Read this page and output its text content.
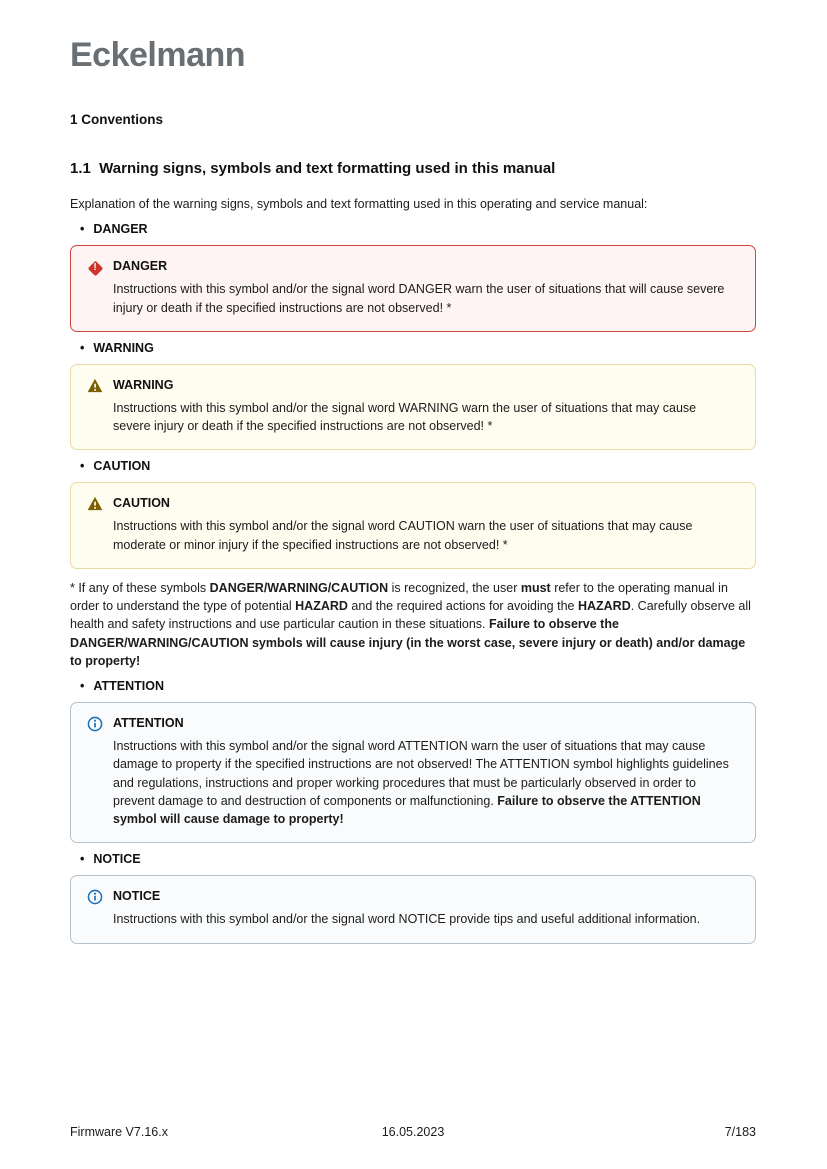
Eckelmann
1 Conventions
1.1  Warning signs, symbols and text formatting used in this manual
Explanation of the warning signs, symbols and text formatting used in this operating and service manual:
• DANGER
!	DANGER
Instructions with this symbol and/or the signal word DANGER warn the user of situations that will cause severe injury or death if the specified instructions are not observed! *
• WARNING
WARNING
Instructions with this symbol and/or the signal word WARNING warn the user of situations that may cause severe injury or death if the specified instructions are not observed! *
• CAUTION
CAUTION
Instructions with this symbol and/or the signal word CAUTION warn the user of situations that may cause moderate or minor injury if the specified instructions are not observed! *
* If any of these symbols DANGER/WARNING/CAUTION is recognized, the user must refer to the operating manual in order to understand the type of potential HAZARD and the required actions for avoiding the HAZARD. Carefully observe all health and safety instructions and use particular caution in these situations. Failure to observe the DANGER/WARNING/CAUTION symbols will cause injury (in the worst case, severe injury or death) and/or damage to property!
• ATTENTION
ATTENTION
Instructions with this symbol and/or the signal word ATTENTION warn the user of situations that may cause damage to property if the specified instructions are not observed! The ATTENTION symbol highlights guidelines and regulations, instructions and proper working procedures that must be particularly observed in order to prevent damage to and destruction of components or malfunctioning. Failure to observe the ATTENTION symbol will cause damage to property!
• NOTICE
NOTICE
Instructions with this symbol and/or the signal word NOTICE provide tips and useful additional information.
16.05.2023
Firmware V7.16.x	7/183
